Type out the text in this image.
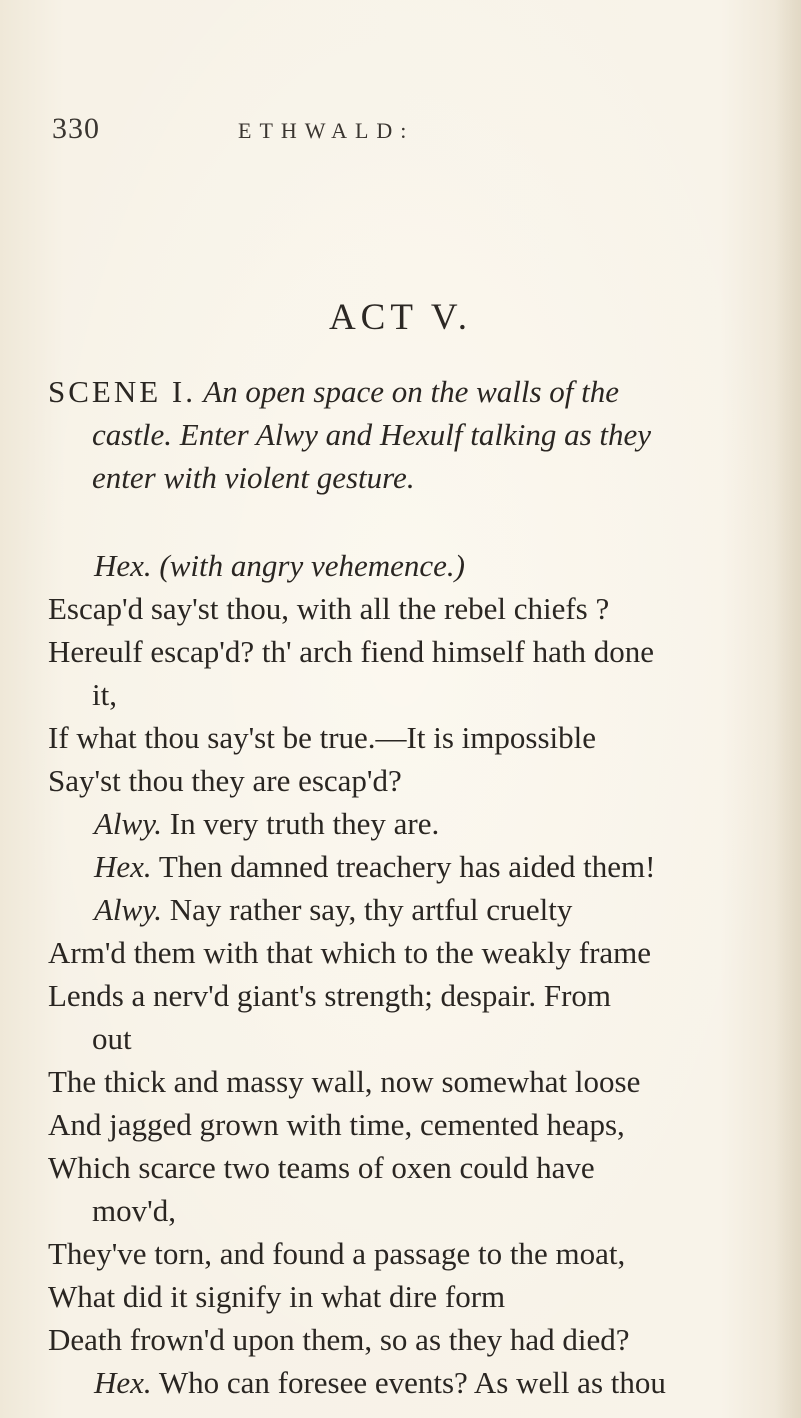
330	ETHWALD:
ACT V.
SCENE I. An open space on the walls of the
castle. Enter Alwy and Hexulf talking as they
enter with violent gesture.
Hex. (with angry vehemence.)
Escap'd say'st thou, with all the rebel chiefs ?
Hereulf escap'd? th' arch fiend himself hath done
it,
If what thou say'st be true.—It is impossible
Say'st thou they are escap'd?
Alwy. In very truth they are.
Hex. Then damned treachery has aided them!
Alwy. Nay rather say, thy artful cruelty
Arm'd them with that which to the weakly frame
Lends a nerv'd giant's strength; despair. From
out
The thick and massy wall, now somewhat loose
And jagged grown with time, cemented heaps,
Which scarce two teams of oxen could have
mov'd,
They've torn, and found a passage to the moat,
What did it signify in what dire form
Death frown'd upon them, so as they had died?
Hex. Who can foresee events? As well as thou
